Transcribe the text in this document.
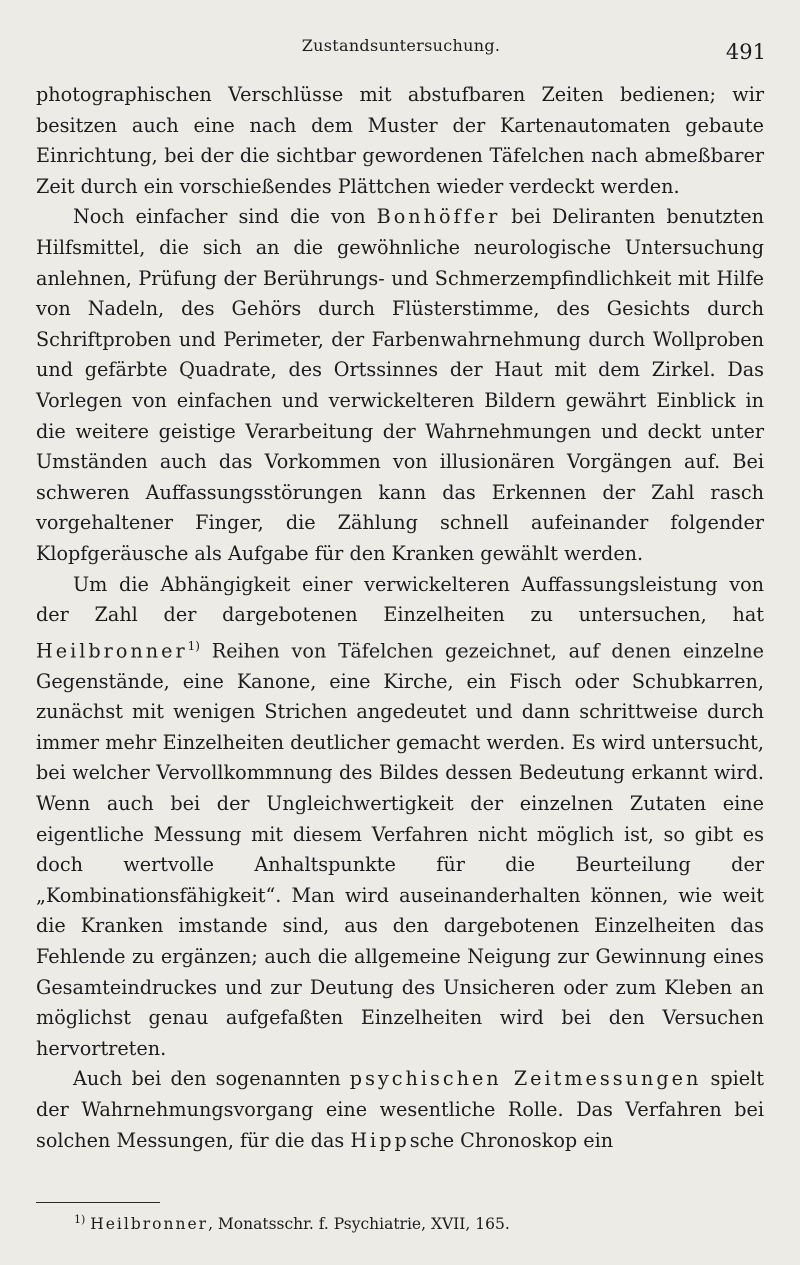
Zustandsuntersuchung.	491

photographischen Verschlüsse mit abstufbaren Zeiten bedienen; wir besitzen auch eine nach dem Muster der Kartenautomaten gebaute Einrichtung, bei der die sichtbar gewordenen Täfelchen nach abmeßbarer Zeit durch ein vorschießendes Plättchen wieder verdeckt werden.

Noch einfacher sind die von Bonhöffer bei Deliranten benutzten Hilfsmittel, die sich an die gewöhnliche neurologische Untersuchung anlehnen, Prüfung der Berührungs- und Schmerzempfindlichkeit mit Hilfe von Nadeln, des Gehörs durch Flüsterstimme, des Gesichts durch Schriftproben und Perimeter, der Farbenwahrnehmung durch Wollproben und gefärbte Quadrate, des Ortssinnes der Haut mit dem Zirkel. Das Vorlegen von einfachen und verwickelteren Bildern gewährt Einblick in die weitere geistige Verarbeitung der Wahrnehmungen und deckt unter Umständen auch das Vorkommen von illusionären Vorgängen auf. Bei schweren Auffassungsstörungen kann das Erkennen der Zahl rasch vorgehaltener Finger, die Zählung schnell aufeinander folgender Klopfgeräusche als Aufgabe für den Kranken gewählt werden.

Um die Abhängigkeit einer verwickelteren Auffassungsleistung von der Zahl der dargebotenen Einzelheiten zu untersuchen, hat Heilbronner$^{1)}$ Reihen von Täfelchen gezeichnet, auf denen einzelne Gegenstände, eine Kanone, eine Kirche, ein Fisch oder Schubkarren, zunächst mit wenigen Strichen angedeutet und dann schrittweise durch immer mehr Einzelheiten deutlicher gemacht werden. Es wird untersucht, bei welcher Vervollkommnung des Bildes dessen Bedeutung erkannt wird. Wenn auch bei der Ungleichwertigkeit der einzelnen Zutaten eine eigentliche Messung mit diesem Verfahren nicht möglich ist, so gibt es doch wertvolle Anhaltspunkte für die Beurteilung der „Kombinationsfähigkeit“. Man wird auseinanderhalten können, wie weit die Kranken imstande sind, aus den dargebotenen Einzelheiten das Fehlende zu ergänzen; auch die allgemeine Neigung zur Gewinnung eines Gesamteindruckes und zur Deutung des Unsicheren oder zum Kleben an möglichst genau aufgefaßten Einzelheiten wird bei den Versuchen hervortreten.

Auch bei den sogenannten psychischen Zeitmessungen spielt der Wahrnehmungsvorgang eine wesentliche Rolle. Das Verfahren bei solchen Messungen, für die das Hippsche Chronoskop ein

$^{1)}$ Heilbronner, Monatsschr. f. Psychiatrie, XVII, 165.
